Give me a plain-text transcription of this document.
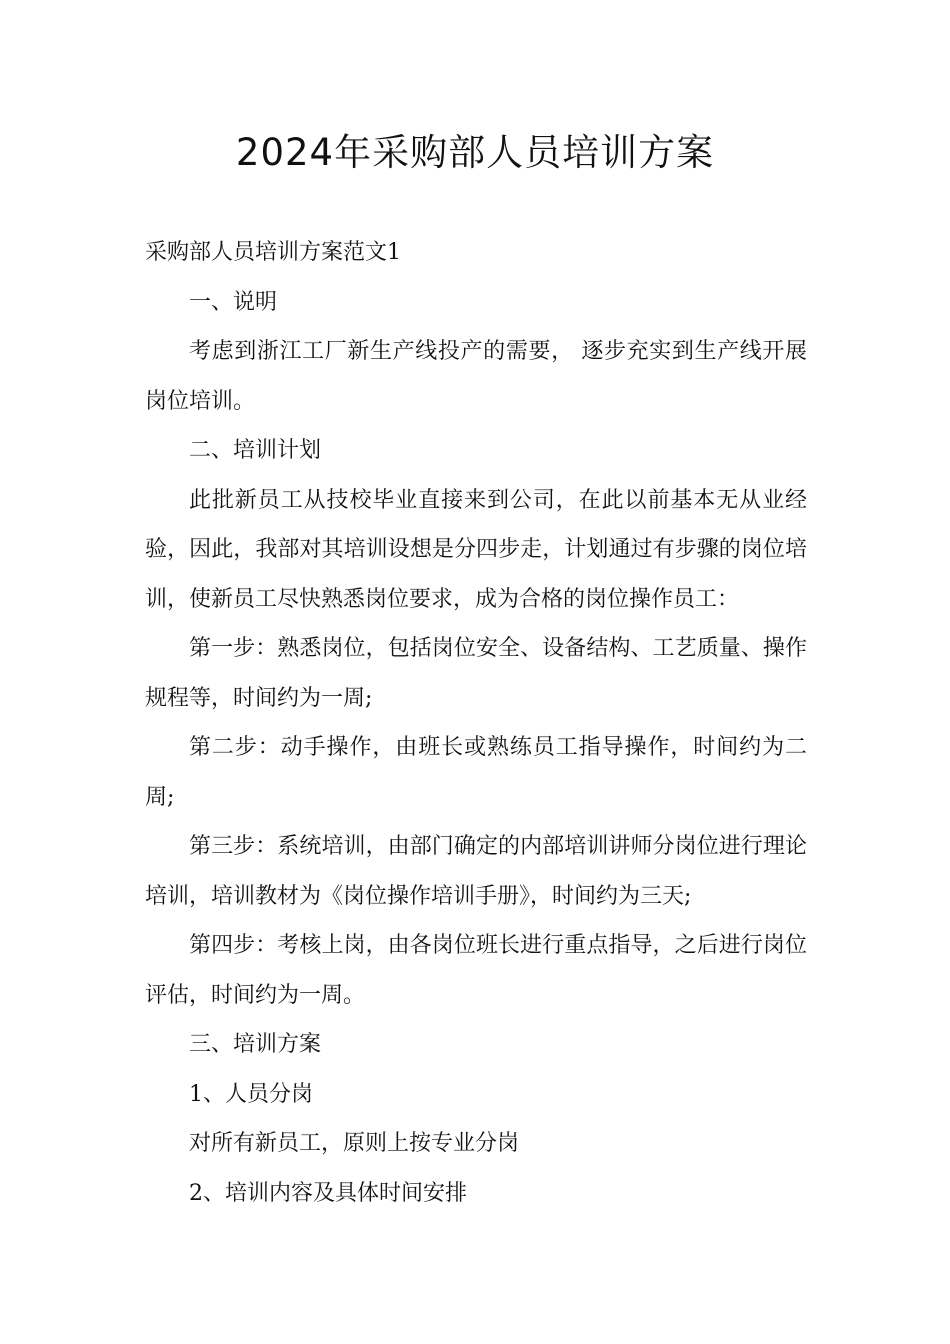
2024年采购部人员培训方案

采购部人员培训方案范文1

一、说明

考虑到浙江工厂新生产线投产的需要， 逐步充实到生产线开展岗位培训。

二、培训计划

此批新员工从技校毕业直接来到公司，在此以前基本无从业经验，因此，我部对其培训设想是分四步走，计划通过有步骤的岗位培训，使新员工尽快熟悉岗位要求，成为合格的岗位操作员工：

第一步：熟悉岗位，包括岗位安全、设备结构、工艺质量、操作规程等，时间约为一周;

第二步：动手操作，由班长或熟练员工指导操作，时间约为二周;

第三步：系统培训，由部门确定的内部培训讲师分岗位进行理论培训，培训教材为《岗位操作培训手册》，时间约为三天;

第四步：考核上岗，由各岗位班长进行重点指导，之后进行岗位评估，时间约为一周。

三、培训方案

1、人员分岗

对所有新员工，原则上按专业分岗

2、培训内容及具体时间安排
